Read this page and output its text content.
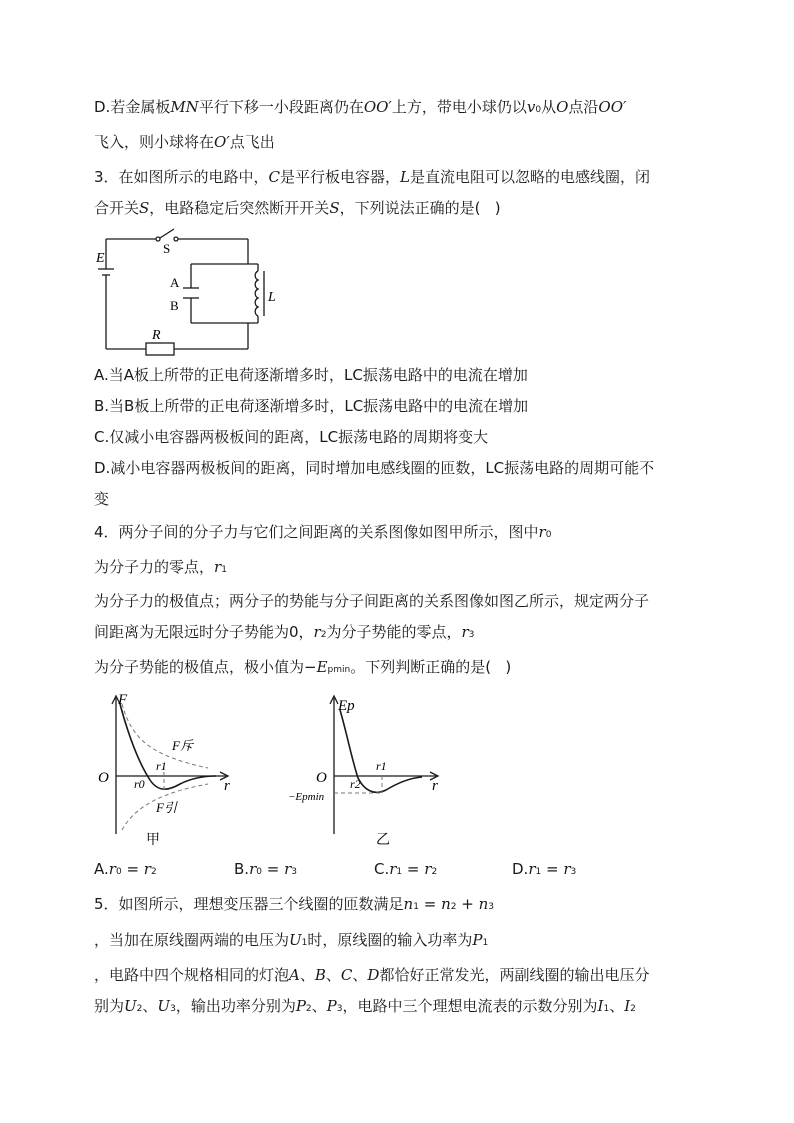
D.若金属板MN平行下移一小段距离仍在OO′上方，带电小球仍以v0从O点沿OO′
飞入，则小球将在O′点飞出
3．在如图所示的电路中，C是平行板电容器，L是直流电阻可以忽略的电感线圈，闭
合开关S，电路稳定后突然断开开关S，下列说法正确的是(   )
S
E
A
B
L
R
A.当A板上所带的正电荷逐渐增多时，LC振荡电路中的电流在增加
B.当B板上所带的正电荷逐渐增多时，LC振荡电路中的电流在增加
C.仅减小电容器两极板间的距离，LC振荡电路的周期将变大
D.减小电容器两极板间的距离，同时增加电感线圈的匝数，LC振荡电路的周期可能不
变
4．两分子间的分子力与它们之间距离的关系图像如图甲所示，图中r0
为分子力的零点，r1
为分子力的极值点；两分子的势能与分子间距离的关系图像如图乙所示，规定两分子
间距离为无限远时分子势能为0，r2为分子势能的零点，r3
为分子势能的极值点，极小值为−Epmin。下列判断正确的是(   )
F
r
O
F斥
F引
r0
r1
甲
Ep
r
O r2
r1
−Epmin
乙
A.r0 = r2	B.r0 = r3	C.r1 = r2	D.r1 = r3
5．如图所示，理想变压器三个线圈的匝数满足n1 = n2 + n3
，当加在原线圈两端的电压为U1时，原线圈的输入功率为P1
，电路中四个规格相同的灯泡A、B、C、D都恰好正常发光，两副线圈的输出电压分
别为U2、U3，输出功率分别为P2、P3，电路中三个理想电流表的示数分别为I1、I2
